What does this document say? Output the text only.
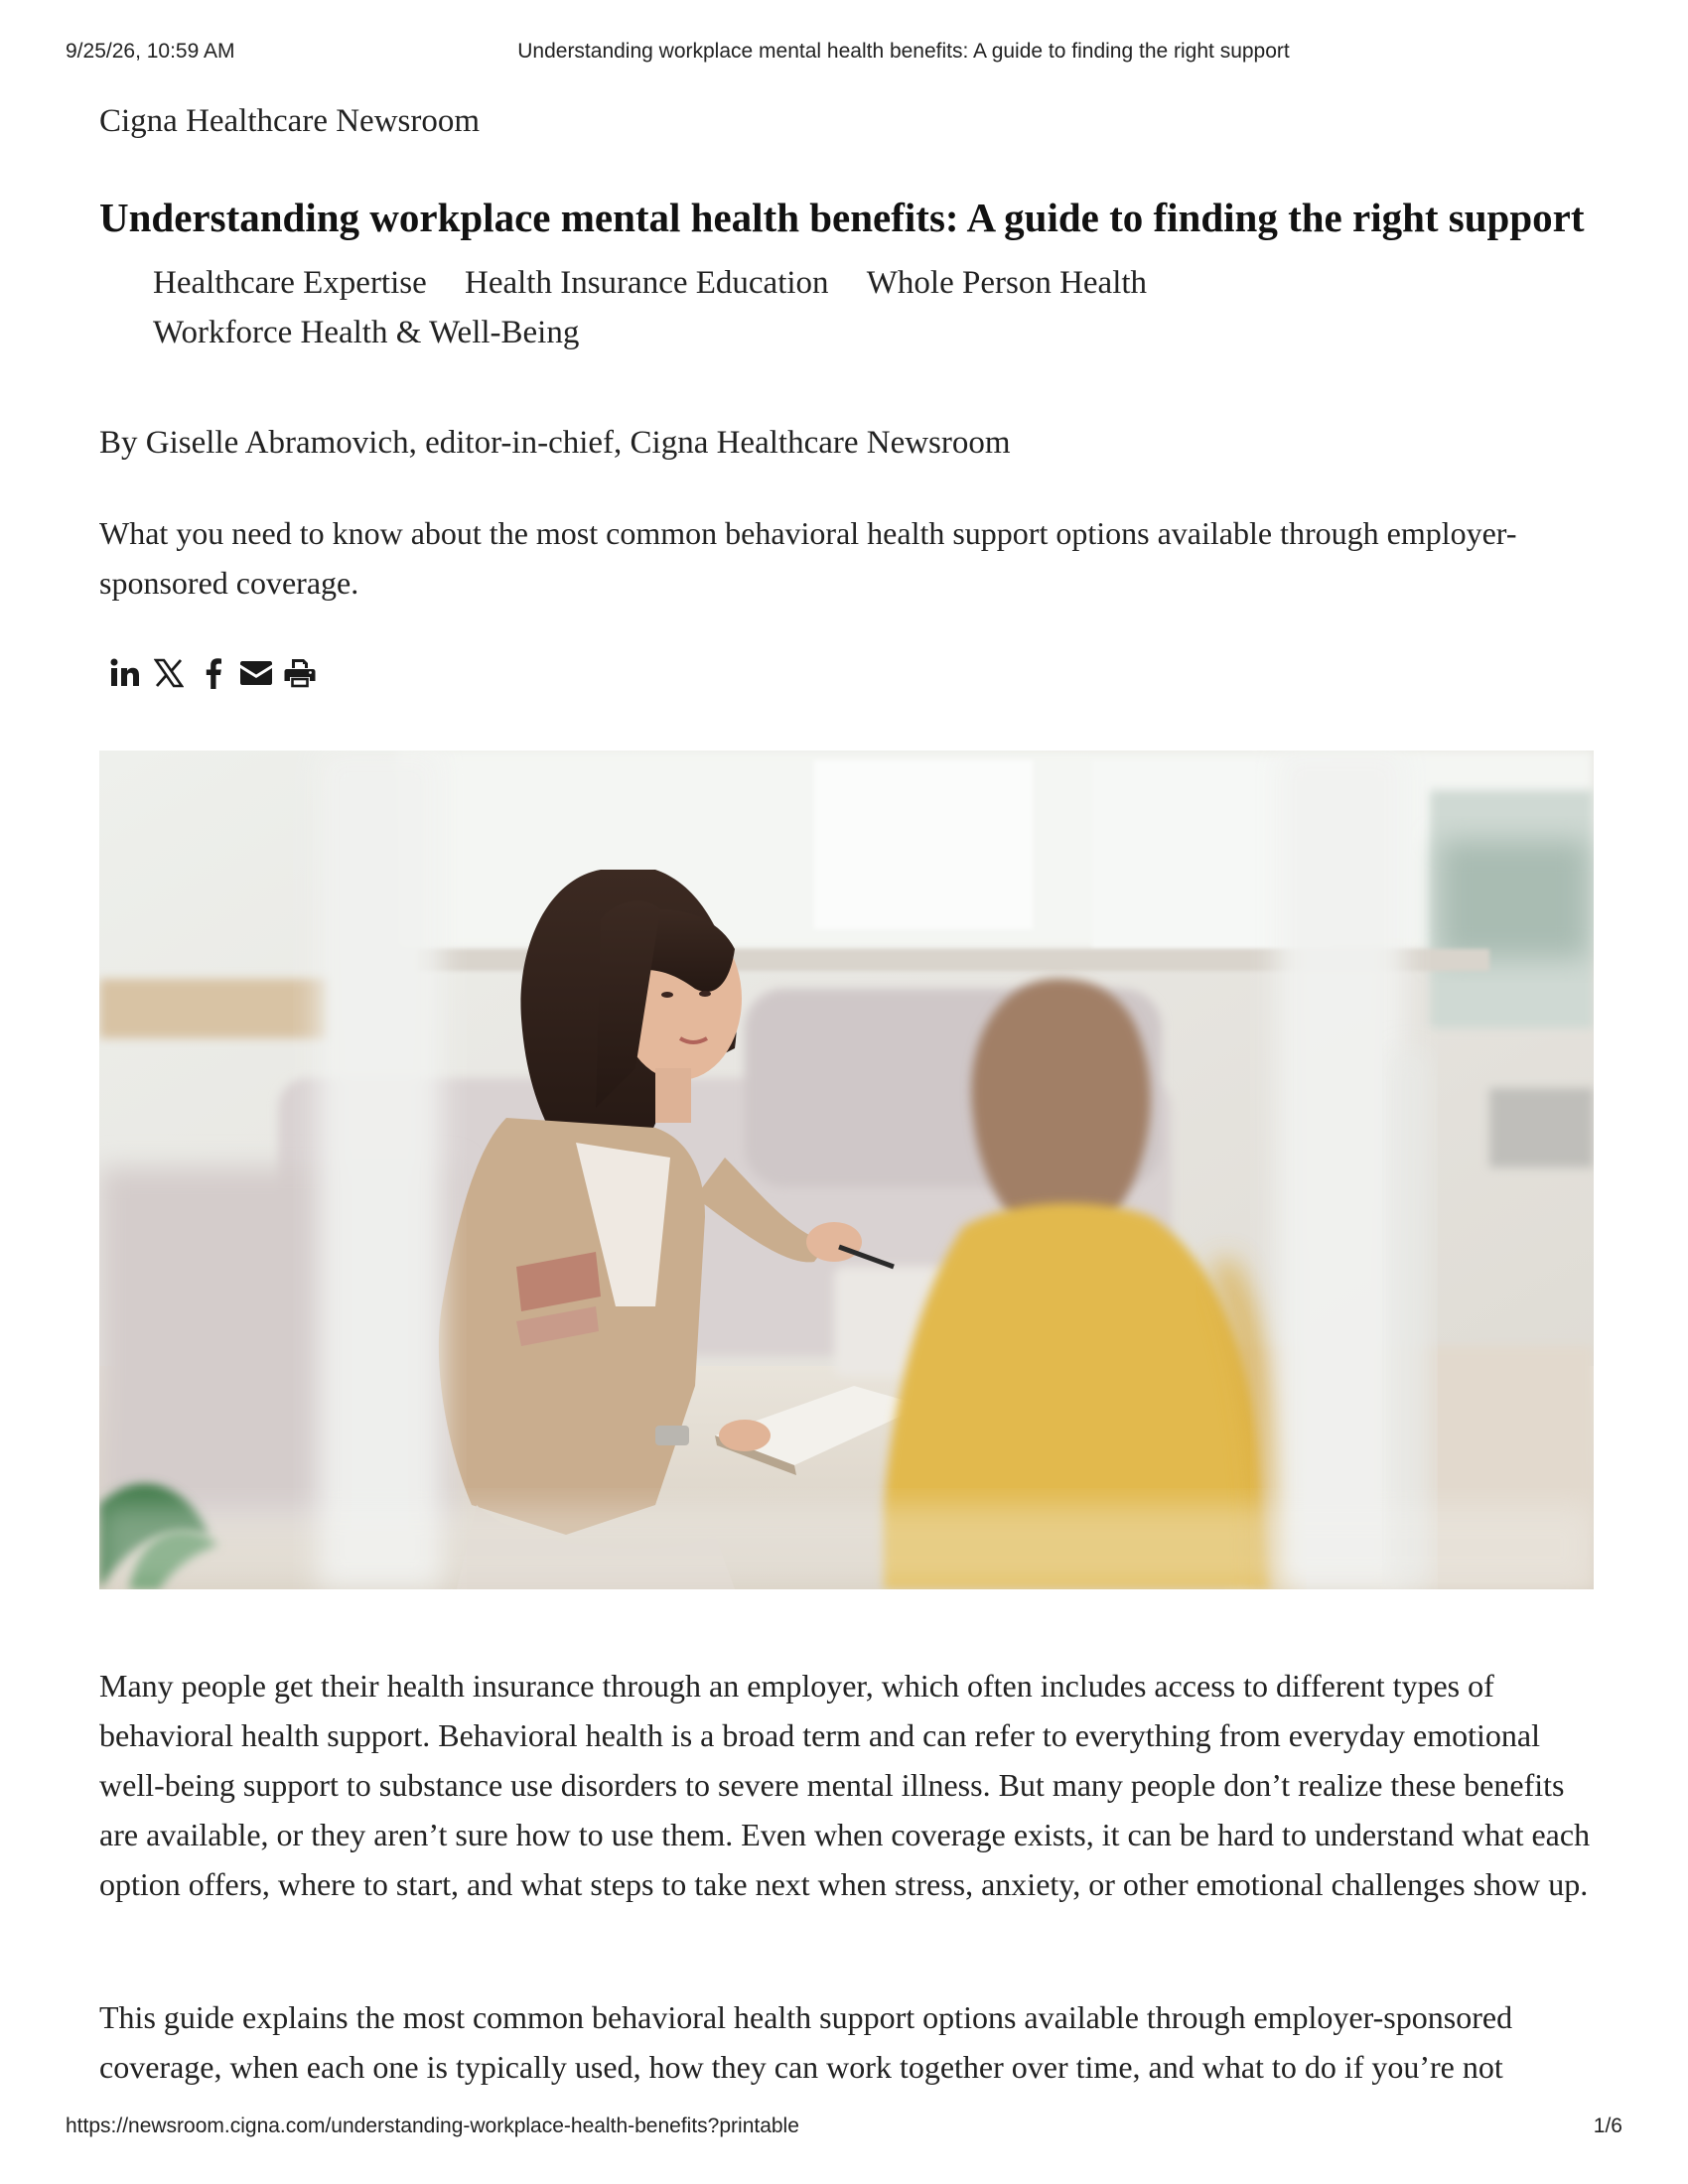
9/25/26, 10:59 AM	Understanding workplace mental health benefits: A guide to finding the right support
Cigna Healthcare Newsroom
Understanding workplace mental health benefits: A guide to finding the right support
Healthcare Expertise Health Insurance Education Whole Person Health
Workforce Health & Well-Being
By Giselle Abramovich, editor-in-chief, Cigna Healthcare Newsroom

What you need to know about the most common behavioral health support options available through employer-sponsored coverage.

Many people get their health insurance through an employer, which often includes access to different types of behavioral health support. Behavioral health is a broad term and can refer to everything from everyday emotional well-being support to substance use disorders to severe mental illness. But many people don’t realize these benefits are available, or they aren’t sure how to use them. Even when coverage exists, it can be hard to understand what each option offers, where to start, and what steps to take next when stress, anxiety, or other emotional challenges show up.

This guide explains the most common behavioral health support options available through employer-sponsored coverage, when each one is typically used, how they can work together over time, and what to do if you’re not

https://newsroom.cigna.com/understanding-workplace-health-benefits?printable	1/6
